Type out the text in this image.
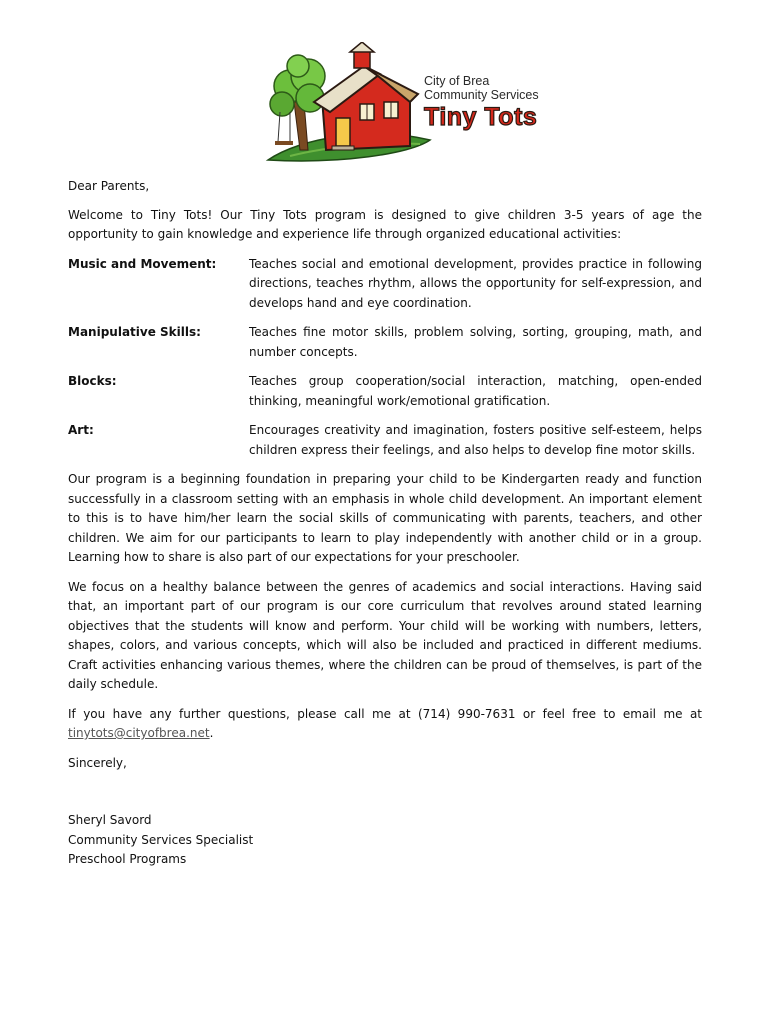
City of Brea
Community Services
Tiny Tots

Dear Parents,

Welcome to Tiny Tots! Our Tiny Tots program is designed to give children 3-5 years of age the opportunity to gain knowledge and experience life through organized educational activities:

Music and Movement:	Teaches social and emotional development, provides practice in following directions, teaches rhythm, allows the opportunity for self-expression, and develops hand and eye coordination.
Manipulative Skills:	Teaches fine motor skills, problem solving, sorting, grouping, math, and number concepts.
Blocks:	Teaches group cooperation/social interaction, matching, open-ended thinking, meaningful work/emotional gratification.
Art:	Encourages creativity and imagination, fosters positive self-esteem, helps children express their feelings, and also helps to develop fine motor skills.

Our program is a beginning foundation in preparing your child to be Kindergarten ready and function successfully in a classroom setting with an emphasis in whole child development. An important element to this is to have him/her learn the social skills of communicating with parents, teachers, and other children. We aim for our participants to learn to play independently with another child or in a group. Learning how to share is also part of our expectations for your preschooler.

We focus on a healthy balance between the genres of academics and social interactions. Having said that, an important part of our program is our core curriculum that revolves around stated learning objectives that the students will know and perform. Your child will be working with numbers, letters, shapes, colors, and various concepts, which will also be included and practiced in different mediums. Craft activities enhancing various themes, where the children can be proud of themselves, is part of the daily schedule.

If you have any further questions, please call me at (714) 990-7631 or feel free to email me at tinytots@cityofbrea.net.

Sincerely,

Sheryl Savord
Community Services Specialist
Preschool Programs
